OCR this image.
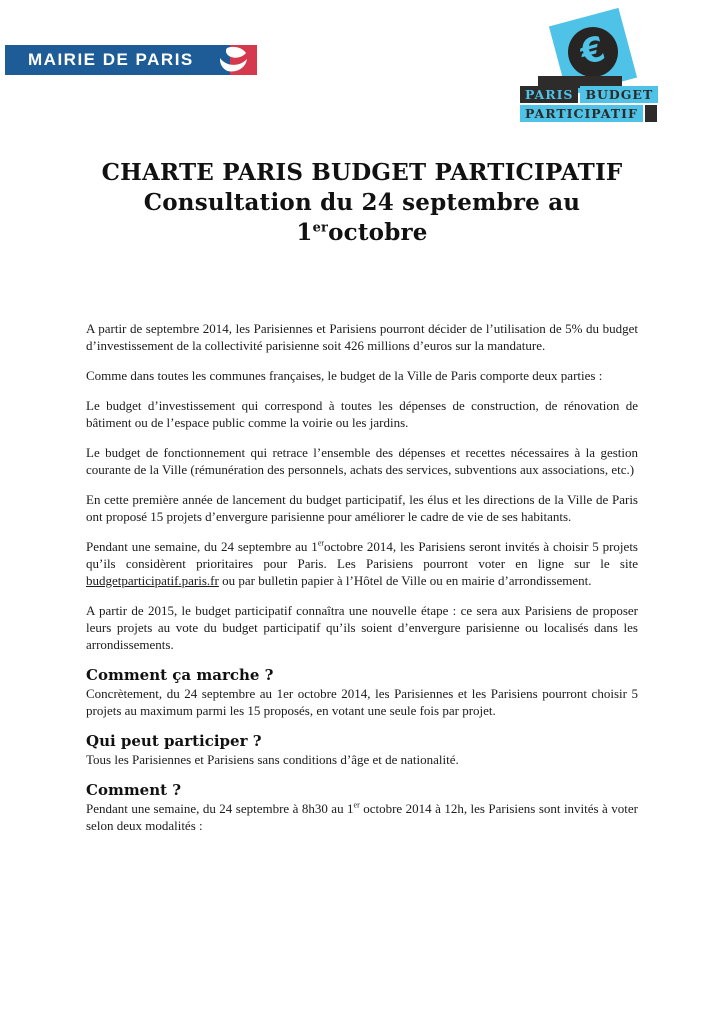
MAIRIE DE PARIS	€
PARIS BUDGET
PARTICIPATIF
CHARTE PARIS BUDGET PARTICIPATIF
Consultation du 24 septembre au 1eroctobre

A partir de septembre 2014, les Parisiennes et Parisiens pourront décider de l’utilisation de 5% du budget d’investissement de la collectivité parisienne soit 426 millions d’euros sur la mandature.

Comme dans toutes les communes françaises, le budget de la Ville de Paris comporte deux parties :

Le budget d’investissement qui correspond à toutes les dépenses de construction, de rénovation de bâtiment ou de l’espace public comme la voirie ou les jardins.

Le budget de fonctionnement qui retrace l’ensemble des dépenses et recettes nécessaires à la gestion courante de la Ville (rémunération des personnels, achats des services, subventions aux associations, etc.)

En cette première année de lancement du budget participatif, les élus et les directions de la Ville de Paris ont proposé 15 projets d’envergure parisienne pour améliorer le cadre de vie de ses habitants.

Pendant une semaine, du 24 septembre au 1eroctobre 2014, les Parisiens seront invités à choisir 5 projets qu’ils considèrent prioritaires pour Paris. Les Parisiens pourront voter en ligne sur le site budgetparticipatif.paris.fr ou par bulletin papier à l’Hôtel de Ville ou en mairie d’arrondissement.

A partir de 2015, le budget participatif connaîtra une nouvelle étape : ce sera aux Parisiens de proposer leurs projets au vote du budget participatif qu’ils soient d’envergure parisienne ou localisés dans les arrondissements.

Comment ça marche ?

Concrètement, du 24 septembre au 1er octobre 2014, les Parisiennes et les Parisiens pourront choisir 5 projets au maximum parmi les 15 proposés, en votant une seule fois par projet.

Qui peut participer ?

Tous les Parisiennes et Parisiens sans conditions d’âge et de nationalité.

Comment ?

Pendant une semaine, du 24 septembre à 8h30 au 1er octobre 2014 à 12h, les Parisiens sont invités à voter selon deux modalités :
